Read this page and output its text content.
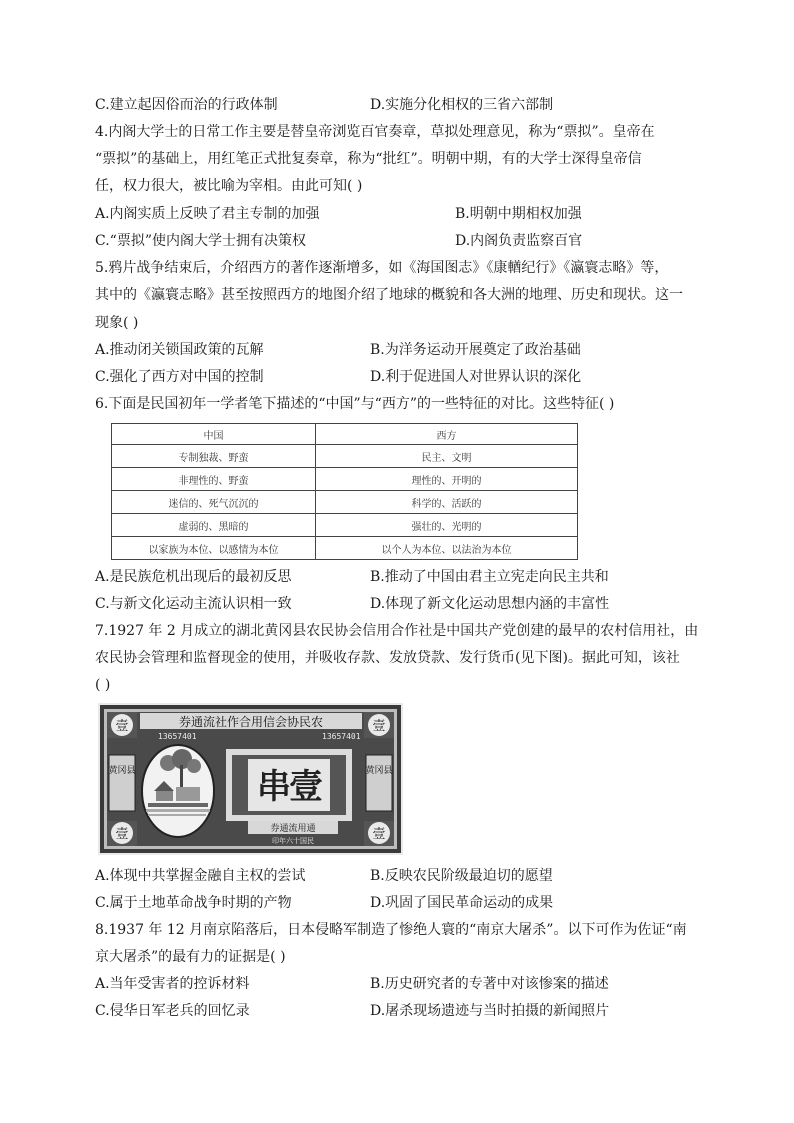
C.建立起因俗而治的行政体制	D.实施分化相权的三省六部制
4.内阁大学士的日常工作主要是替皇帝浏览百官奏章，草拟处理意见，称为“票拟”。皇帝在
“票拟”的基础上，用红笔正式批复奏章，称为“批红”。明朝中期，有的大学士深得皇帝信
任，权力很大，被比喻为宰相。由此可知( )
A.内阁实质上反映了君主专制的加强	B.明朝中期相权加强
C.“票拟”使内阁大学士拥有决策权	D.内阁负责监察百官
5.鸦片战争结束后，介绍西方的著作逐渐增多，如《海国图志》《康輶纪行》《瀛寰志略》等，
其中的《瀛寰志略》甚至按照西方的地图介绍了地球的概貌和各大洲的地理、历史和现状。这一
现象( )
A.推动闭关锁国政策的瓦解	B.为洋务运动开展奠定了政治基础
C.强化了西方对中国的控制	D.利于促进国人对世界认识的深化
6.下面是民国初年一学者笔下描述的“中国”与“西方”的一些特征的对比。这些特征( )
中国	西方
专制独裁、野蛮	民主、文明
非理性的、野蛮	理性的、开明的
迷信的、死气沉沉的	科学的、活跃的
虚弱的、黑暗的	强壮的、光明的
以家族为本位、以感情为本位	以个人为本位、以法治为本位
A.是民族危机出现后的最初反思	B.推动了中国由君主立宪走向民主共和
C.与新文化运动主流认识相一致	D.体现了新文化运动思想内涵的丰富性
7.1927 年 2 月成立的湖北黄冈县农民协会信用合作社是中国共产党创建的最早的农村信用社，由
农民协会管理和监督现金的使用，并吸收存款、发放贷款、发行货币(见下图)。据此可知，该社
( )
壹	壹
壹	壹
券通流社作合用信会协民农
13657401	13657401
黄冈县	黄冈县
串
壹
券通流用通
印年六十国民
A.体现中共掌握金融自主权的尝试	B.反映农民阶级最迫切的愿望
C.属于土地革命战争时期的产物	D.巩固了国民革命运动的成果
8.1937 年 12 月南京陷落后，日本侵略军制造了惨绝人寰的“南京大屠杀”。以下可作为佐证“南
京大屠杀”的最有力的证据是( )
A.当年受害者的控诉材料	B.历史研究者的专著中对该惨案的描述
C.侵华日军老兵的回忆录	D.屠杀现场遗迹与当时拍摄的新闻照片
